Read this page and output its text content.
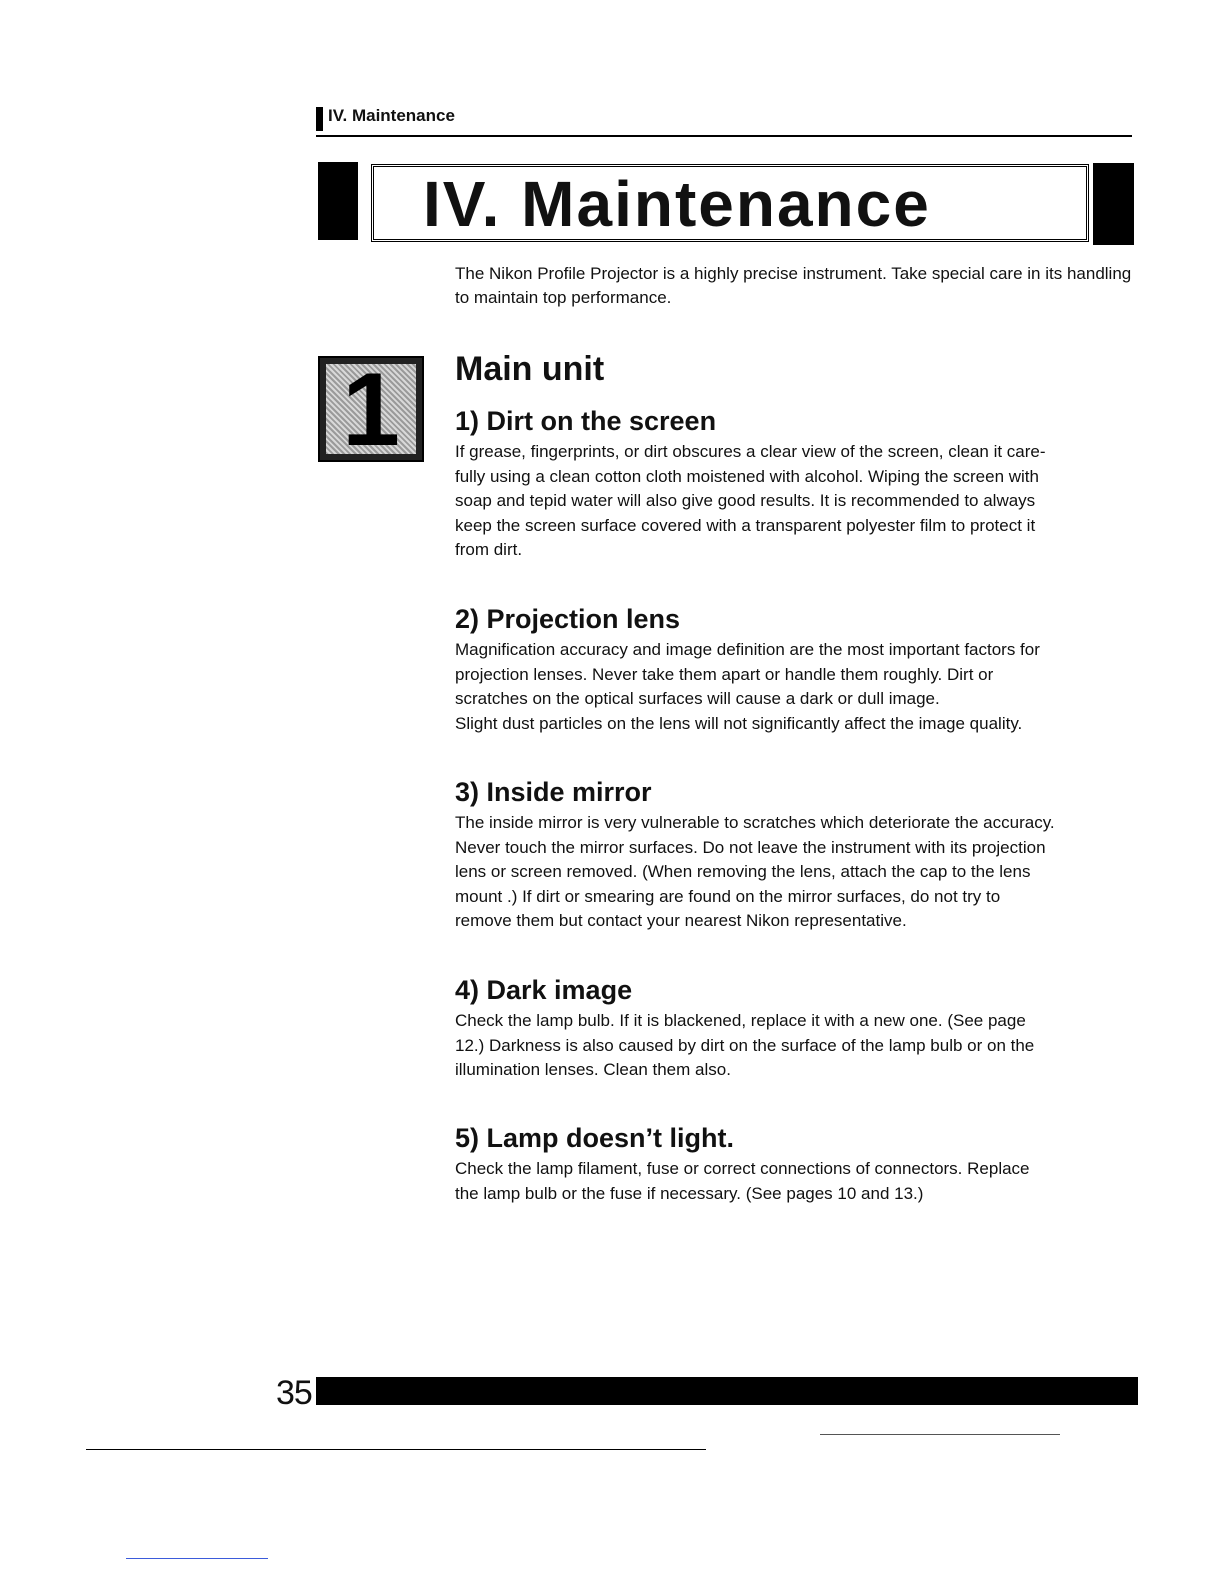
IV. Maintenance
IV. Maintenance
The Nikon Profile Projector is a highly precise instrument. Take special care in its handling to maintain top performance.
1	Main unit
1) Dirt on the screen

If grease, fingerprints, or dirt obscures a clear view of the screen, clean it care-
fully using a clean cotton cloth moistened with alcohol. Wiping the screen with
soap and tepid water will also give good results. It is recommended to always
keep the screen surface covered with a transparent polyester film to protect it
from dirt.

2) Projection lens

Magnification accuracy and image definition are the most important factors for
projection lenses. Never take them apart or handle them roughly. Dirt or
scratches on the optical surfaces will cause a dark or dull image.
Slight dust particles on the lens will not significantly affect the image quality.

3) Inside mirror

The inside mirror is very vulnerable to scratches which deteriorate the accuracy.
Never touch the mirror surfaces. Do not leave the instrument with its projection
lens or screen removed. (When removing the lens, attach the cap to the lens
mount .) If dirt or smearing are found on the mirror surfaces, do not try to
remove them but contact your nearest Nikon representative.

4) Dark image

Check the lamp bulb. If it is blackened, replace it with a new one. (See page
12.) Darkness is also caused by dirt on the surface of the lamp bulb or on the
illumination lenses. Clean them also.

5) Lamp doesn’t light.

Check the lamp filament, fuse or correct connections of connectors. Replace
the lamp bulb or the fuse if necessary. (See pages 10 and 13.)

35
